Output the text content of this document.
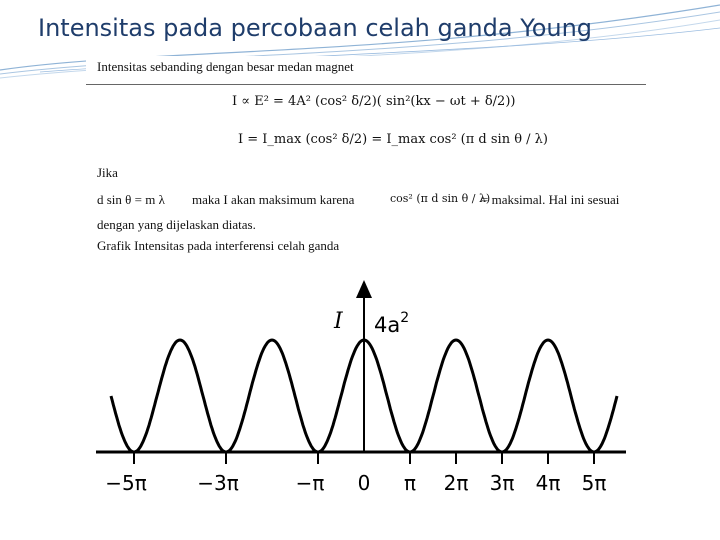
Intensitas pada percobaan celah ganda Young
Intensitas sebanding dengan besar medan magnet
I ∝ E² = 4A² (cos² δ/2)( sin²(kx − ωt + δ/2))
I = I_max (cos² δ/2) = I_max cos² (π d sin θ / λ)
Jika
d sin θ = m λ maka I akan maksimum karena	cos² (π d sin θ / λ)
= maksimal. Hal ini sesuai
dengan yang dijelaskan diatas.
Grafik Intensitas pada interferensi celah ganda
I $4a^2$
−5π	−3π	−π 0 π 2π 3π 4π 5π
